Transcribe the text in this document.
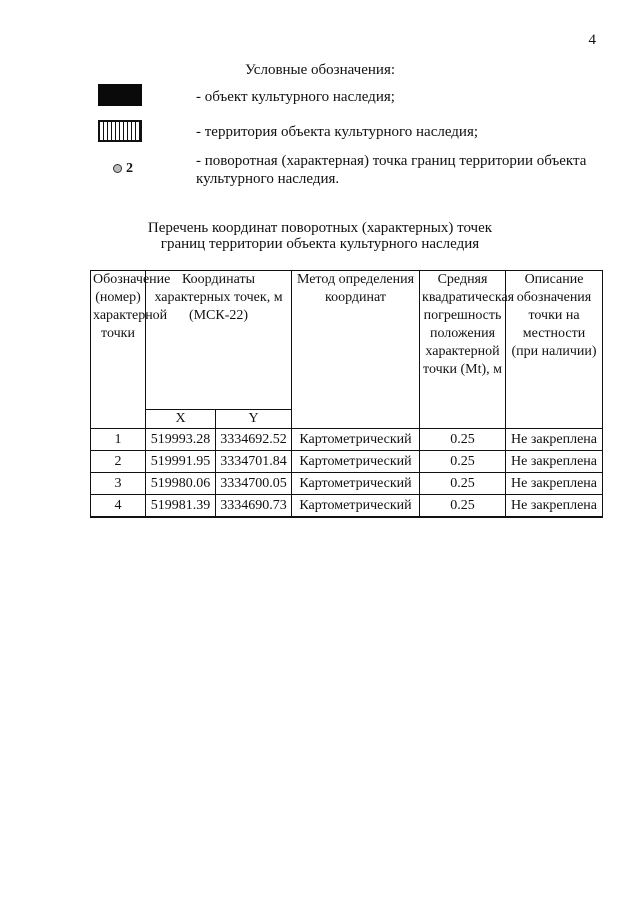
4
Условные обозначения:
- объект культурного наследия;
- территория объекта культурного наследия;
2	- поворотная (характерная) точка границ территории объекта культурного наследия.
Перечень координат поворотных (характерных) точек
границ территории объекта культурного наследия
Обозначение (номер) характерной точки	Координаты характерных точек, м (МСК-22)		Метод определения координат	Средняя квадратическая погрешность положения характерной точки (Mt), м	Описание обозначения точки на местности (при наличии)
	X	Y			
1	519993.28	3334692.52	Картометрический	0.25	Не закреплена
2	519991.95	3334701.84	Картометрический	0.25	Не закреплена
3	519980.06	3334700.05	Картометрический	0.25	Не закреплена
4	519981.39	3334690.73	Картометрический	0.25	Не закреплена
